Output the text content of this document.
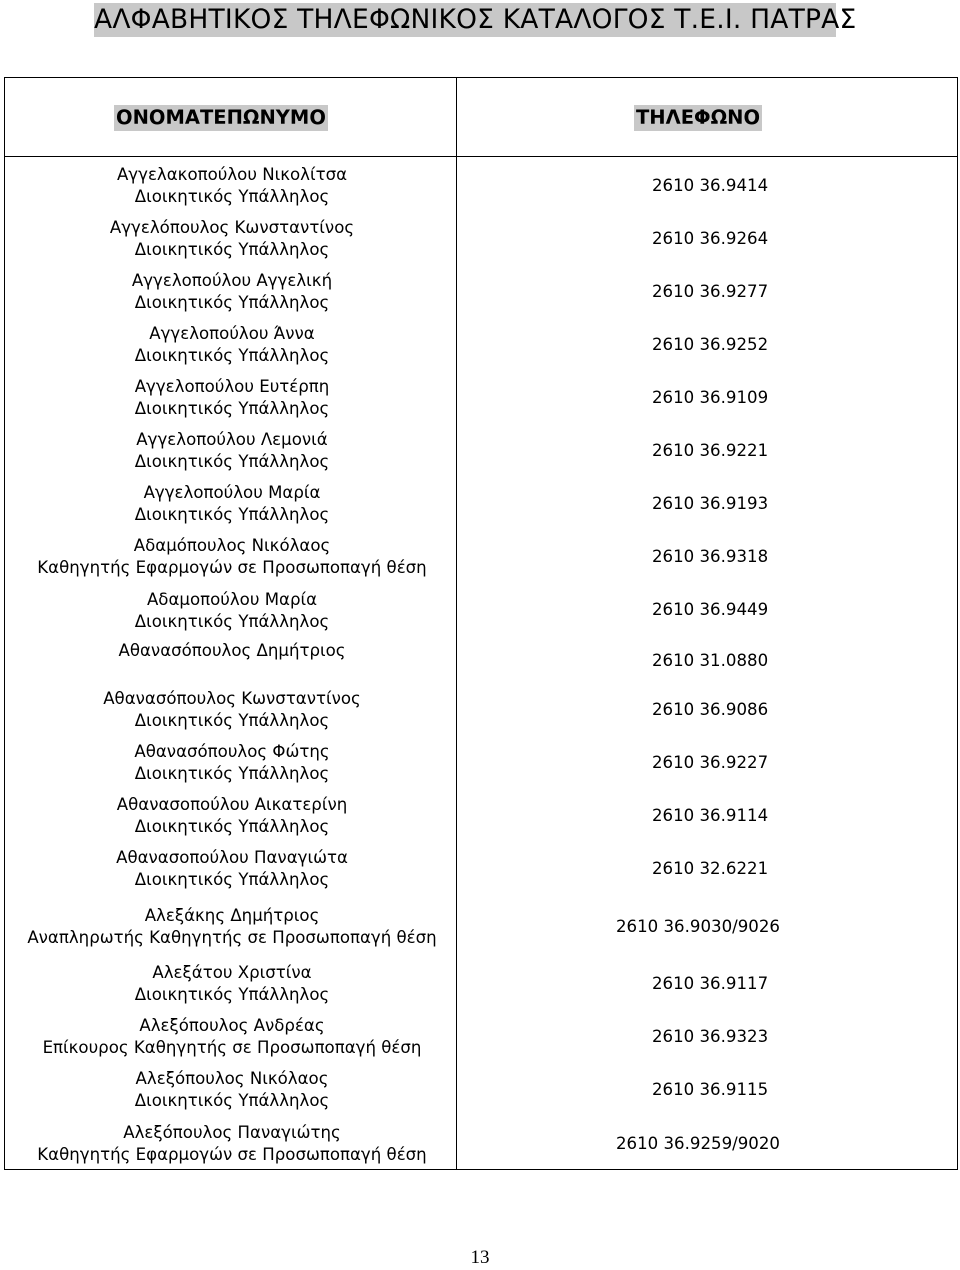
ΑΛΦΑΒΗΤΙΚΟΣ ΤΗΛΕΦΩΝΙΚΟΣ ΚΑΤΑΛΟΓΟΣ Τ.Ε.Ι. ΠΑΤΡΑΣ
ΟΝΟΜΑΤΕΠΩΝΥΜΟ	ΤΗΛΕΦΩΝΟ
Αγγελακοπούλου Νικολίτσα
Διοικητικός Υπάλληλος
2610 36.9414
Αγγελόπουλος Κωνσταντίνος
Διοικητικός Υπάλληλος
2610 36.9264
Αγγελοπούλου Αγγελική
Διοικητικός Υπάλληλος
2610 36.9277
Αγγελοπούλου Άννα
Διοικητικός Υπάλληλος
2610 36.9252
Αγγελοπούλου Ευτέρπη
Διοικητικός Υπάλληλος
2610 36.9109
Αγγελοπούλου Λεμονιά
Διοικητικός Υπάλληλος
2610 36.9221
Αγγελοπούλου Μαρία
Διοικητικός Υπάλληλος
2610 36.9193
Αδαμόπουλος Νικόλαος
Καθηγητής Εφαρμογών σε Προσωποπαγή θέση
2610 36.9318
Αδαμοπούλου Μαρία
Διοικητικός Υπάλληλος
2610 36.9449
Αθανασόπουλος Δημήτριος
2610 31.0880
Αθανασόπουλος Κωνσταντίνος
Διοικητικός Υπάλληλος
2610 36.9086
Αθανασόπουλος Φώτης
Διοικητικός Υπάλληλος
2610 36.9227
Αθανασοπούλου Αικατερίνη
Διοικητικός Υπάλληλος
2610 36.9114
Αθανασοπούλου Παναγιώτα
Διοικητικός Υπάλληλος
2610 32.6221
Αλεξάκης Δημήτριος
Αναπληρωτής Καθηγητής σε Προσωποπαγή θέση
2610 36.9030/9026
Αλεξάτου Χριστίνα
Διοικητικός Υπάλληλος
2610 36.9117
Αλεξόπουλος Ανδρέας
Επίκουρος Καθηγητής σε Προσωποπαγή θέση
2610 36.9323
Αλεξόπουλος Νικόλαος
Διοικητικός Υπάλληλος
2610 36.9115
Αλεξόπουλος Παναγιώτης
Καθηγητής Εφαρμογών σε Προσωποπαγή θέση
2610 36.9259/9020
13
